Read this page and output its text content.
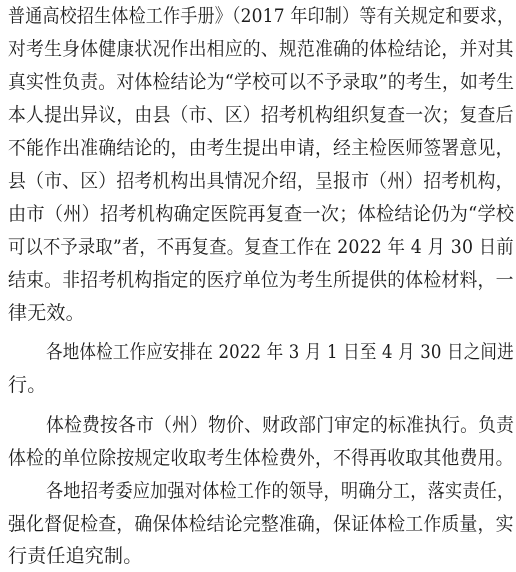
普通高校招生体检工作手册》（2017 年印制）等有关规定和要求，
对考生身体健康状况作出相应的、规范准确的体检结论，并对其
真实性负责。对体检结论为“学校可以不予录取”的考生，如考生
本人提出异议，由县（市、区）招考机构组织复查一次；复查后
不能作出准确结论的，由考生提出申请，经主检医师签署意见，
县（市、区）招考机构出具情况介绍，呈报市（州）招考机构，
由市（州）招考机构确定医院再复查一次；体检结论仍为“学校
可以不予录取”者，不再复查。复查工作在 2022 年 4 月 30 日前
结束。非招考机构指定的医疗单位为考生所提供的体检材料，一
律无效。
各地体检工作应安排在 2022 年 3 月 1 日至 4 月 30 日之间进
行。
体检费按各市（州）物价、财政部门审定的标准执行。负责
体检的单位除按规定收取考生体检费外，不得再收取其他费用。
各地招考委应加强对体检工作的领导，明确分工，落实责任，
强化督促检查，确保体检结论完整准确，保证体检工作质量，实
行责任追究制。
